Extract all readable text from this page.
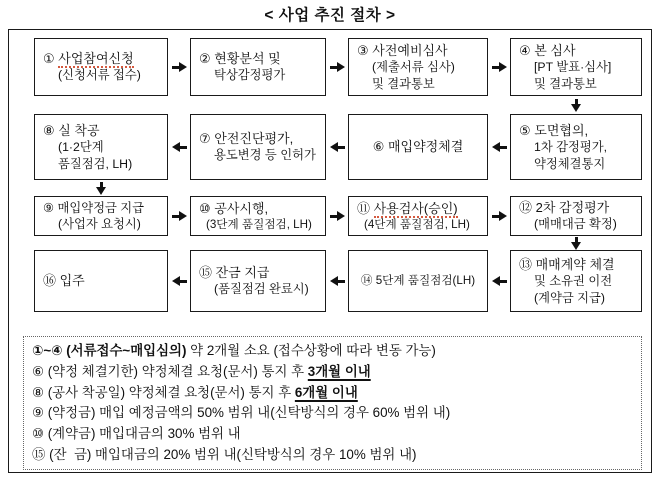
< 사업 추진 절차 >
① 사업참여신청
(신청서류 접수)
② 현황분석 및
탁상감정평가
③ 사전예비심사
(제출서류 심사)
및 결과통보
④ 본 심사
[PT 발표·심사]
및 결과통보
⑧ 실 착공
(1·2단계
품질점검, LH)
⑦ 안전진단평가,
용도변경 등 인허가
⑥ 매입약정체결
⑤ 도면협의,
1차 감정평가,
약정체결통지
⑨ 매입약정금 지급
(사업자 요청시)
⑩ 공사시행,
(3단계 품질점검, LH)
⑪ 사용검사(승인)
(4단계 품질점검, LH)
⑫ 2차 감정평가
(매매대금 확정)
⑯ 입주
⑮ 잔금 지급
(품질점검 완료시)
⑭ 5단계 품질점검(LH)
⑬ 매매계약 체결
및 소유권 이전
(계약금 지급)
①~④ (서류접수~매입심의) 약 2개월 소요 (접수상황에 따라 변동 가능)
⑥ (약정 체결기한) 약정체결 요청(문서) 통지 후 3개월 이내
⑧ (공사 착공일) 약정체결 요청(문서) 통지 후 6개월 이내
⑨ (약정금) 매입 예정금액의 50% 범위 내(신탁방식의 경우 60% 범위 내)
⑩ (계약금) 매입대금의 30% 범위 내
⑮ (잔  금) 매입대금의 20% 범위 내(신탁방식의 경우 10% 범위 내)
